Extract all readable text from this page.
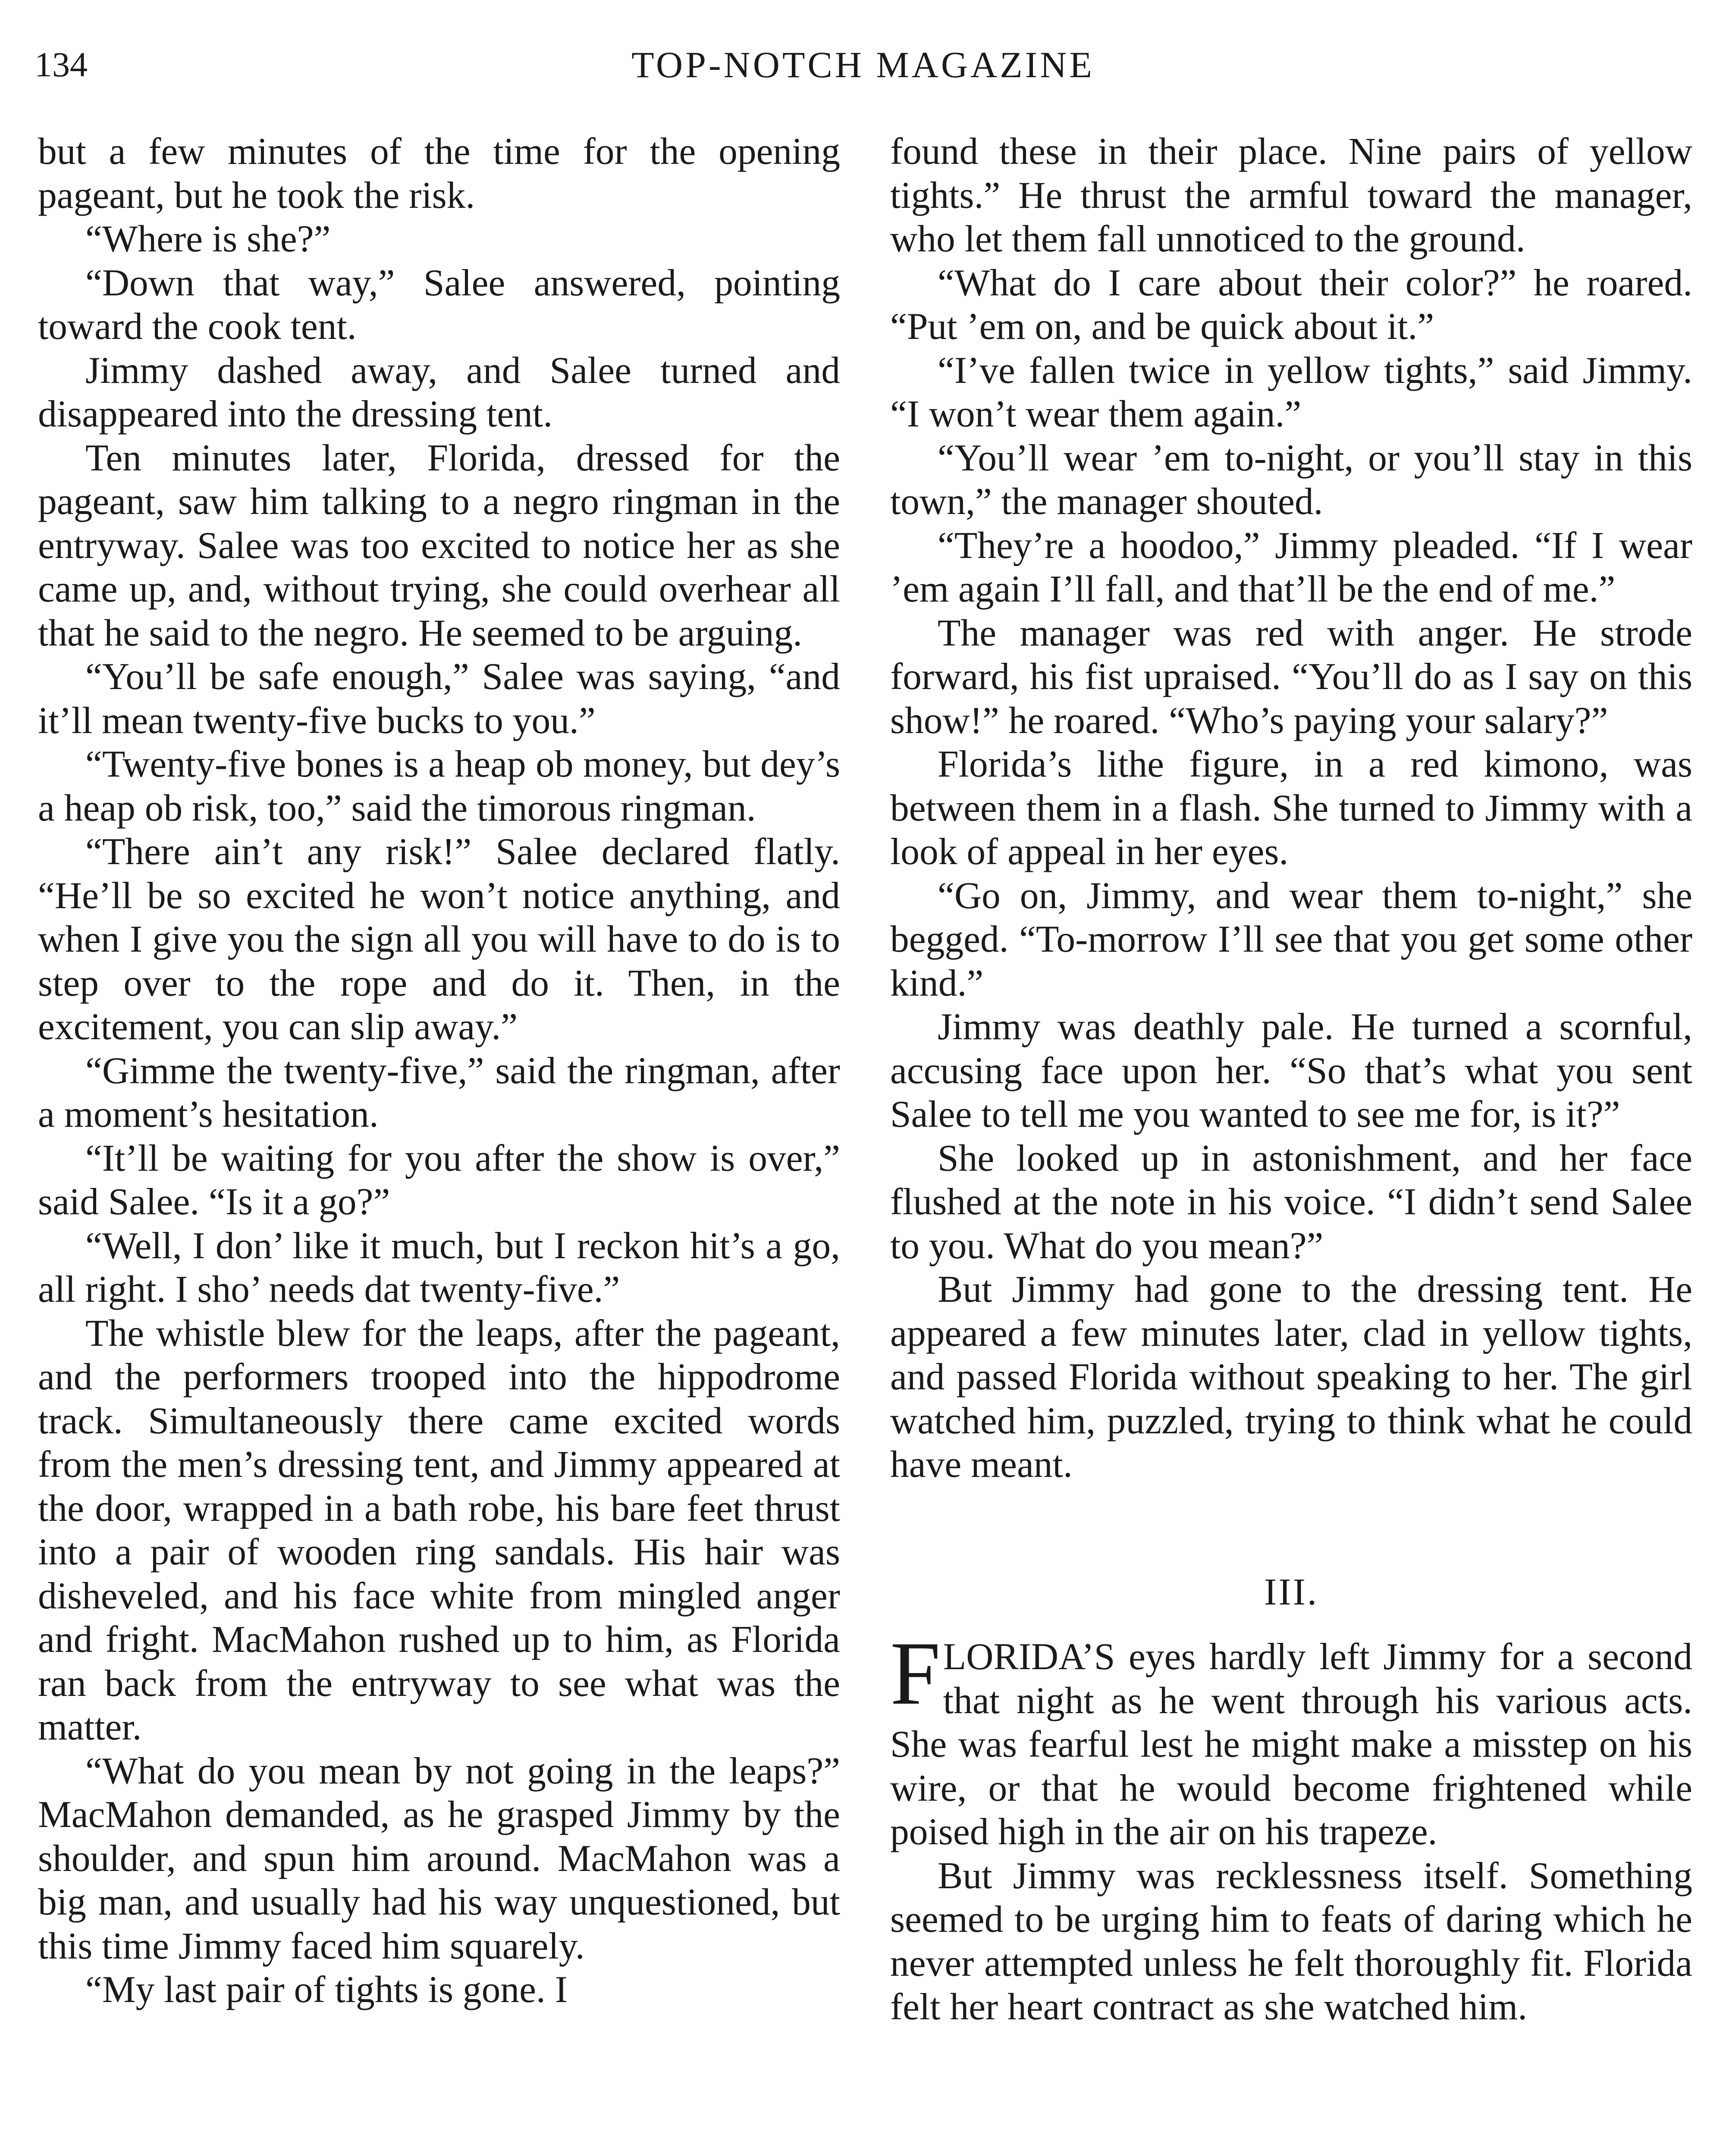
134	TOP-NOTCH MAGAZINE

but a few minutes of the time for the opening pageant, but he took the risk.

“Where is she?”

“Down that way,” Salee answered, pointing toward the cook tent.

Jimmy dashed away, and Salee turned and disappeared into the dressing tent.

Ten minutes later, Florida, dressed for the pageant, saw him talking to a negro ringman in the entryway. Salee was too excited to notice her as she came up, and, without trying, she could overhear all that he said to the negro. He seemed to be arguing.

“You’ll be safe enough,” Salee was saying, “and it’ll mean twenty-five bucks to you.”

“Twenty-five bones is a heap ob money, but dey’s a heap ob risk, too,” said the timorous ringman.

“There ain’t any risk!” Salee declared flatly. “He’ll be so excited he won’t notice anything, and when I give you the sign all you will have to do is to step over to the rope and do it. Then, in the excitement, you can slip away.”

“Gimme the twenty-five,” said the ringman, after a moment’s hesitation.

“It’ll be waiting for you after the show is over,” said Salee. “Is it a go?”

“Well, I don’ like it much, but I reckon hit’s a go, all right. I sho’ needs dat twenty-five.”

The whistle blew for the leaps, after the pageant, and the performers trooped into the hippodrome track. Simultaneously there came excited words from the men’s dressing tent, and Jimmy appeared at the door, wrapped in a bath robe, his bare feet thrust into a pair of wooden ring sandals. His hair was disheveled, and his face white from mingled anger and fright. MacMahon rushed up to him, as Florida ran back from the entryway to see what was the matter.

“What do you mean by not going in the leaps?” MacMahon demanded, as he grasped Jimmy by the shoulder, and spun him around. MacMahon was a big man, and usually had his way unquestioned, but this time Jimmy faced him squarely.

“My last pair of tights is gone. I

found these in their place. Nine pairs of yellow tights.” He thrust the armful toward the manager, who let them fall unnoticed to the ground.

“What do I care about their color?” he roared. “Put ’em on, and be quick about it.”

“I’ve fallen twice in yellow tights,” said Jimmy. “I won’t wear them again.”

“You’ll wear ’em to-night, or you’ll stay in this town,” the manager shouted.

“They’re a hoodoo,” Jimmy pleaded. “If I wear ’em again I’ll fall, and that’ll be the end of me.”

The manager was red with anger. He strode forward, his fist upraised. “You’ll do as I say on this show!” he roared. “Who’s paying your salary?”

Florida’s lithe figure, in a red kimono, was between them in a flash. She turned to Jimmy with a look of appeal in her eyes.

“Go on, Jimmy, and wear them to-night,” she begged. “To-morrow I’ll see that you get some other kind.”

Jimmy was deathly pale. He turned a scornful, accusing face upon her. “So that’s what you sent Salee to tell me you wanted to see me for, is it?”

She looked up in astonishment, and her face flushed at the note in his voice. “I didn’t send Salee to you. What do you mean?”

But Jimmy had gone to the dressing tent. He appeared a few minutes later, clad in yellow tights, and passed Florida without speaking to her. The girl watched him, puzzled, trying to think what he could have meant.

III.

FLORIDA’S eyes hardly left Jimmy for a second that night as he went through his various acts. She was fearful lest he might make a misstep on his wire, or that he would become frightened while poised high in the air on his trapeze.

But Jimmy was recklessness itself. Something seemed to be urging him to feats of daring which he never attempted unless he felt thoroughly fit. Florida felt her heart contract as she watched him.
